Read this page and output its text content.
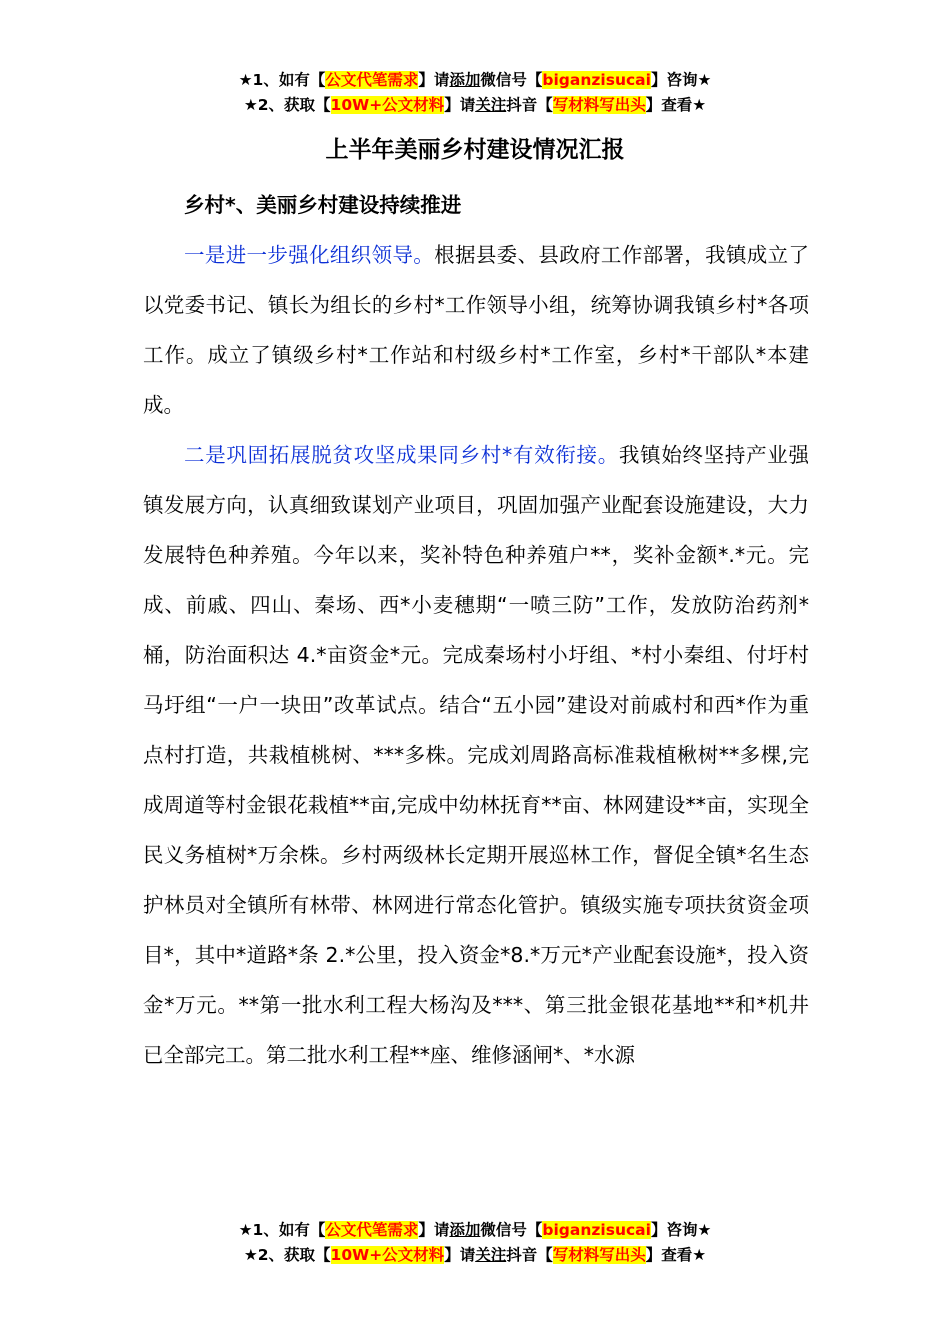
★1、如有【公文代笔需求】请添加微信号【biganzisucai】咨询★
★2、获取【10W+公文材料】请关注抖音【写材料写出头】查看★
上半年美丽乡村建设情况汇报

乡村*、美丽乡村建设持续推进

一是进一步强化组织领导。根据县委、县政府工作部署，我镇成立了以党委书记、镇长为组长的乡村*工作领导小组，统筹协调我镇乡村*各项工作。成立了镇级乡村*工作站和村级乡村*工作室，乡村*干部队*本建成。

二是巩固拓展脱贫攻坚成果同乡村*有效衔接。我镇始终坚持产业强镇发展方向，认真细致谋划产业项目，巩固加强产业配套设施建设，大力发展特色种养殖。今年以来，奖补特色种养殖户**，奖补金额*.*元。完成、前戚、四山、秦场、西*小麦穗期“一喷三防”工作，发放防治药剂*桶，防治面积达 4.*亩资金*元。完成秦场村小圩组、*村小秦组、付圩村马圩组“一户一块田”改革试点。结合“五小园”建设对前戚村和西*作为重点村打造，共栽植桃树、***多株。完成刘周路高标准栽植楸树**多棵,完成周道等村金银花栽植**亩,完成中幼林抚育**亩、林网建设**亩，实现全民义务植树*万余株。乡村两级林长定期开展巡林工作，督促全镇*名生态护林员对全镇所有林带、林网进行常态化管护。镇级实施专项扶贫资金项目*，其中*道路*条 2.*公里，投入资金*8.*万元*产业配套设施*，投入资金*万元。**第一批水利工程大杨沟及***、第三批金银花基地**和*机井已全部完工。第二批水利工程**座、维修涵闸*、*水源

★1、如有【公文代笔需求】请添加微信号【biganzisucai】咨询★
★2、获取【10W+公文材料】请关注抖音【写材料写出头】查看★
